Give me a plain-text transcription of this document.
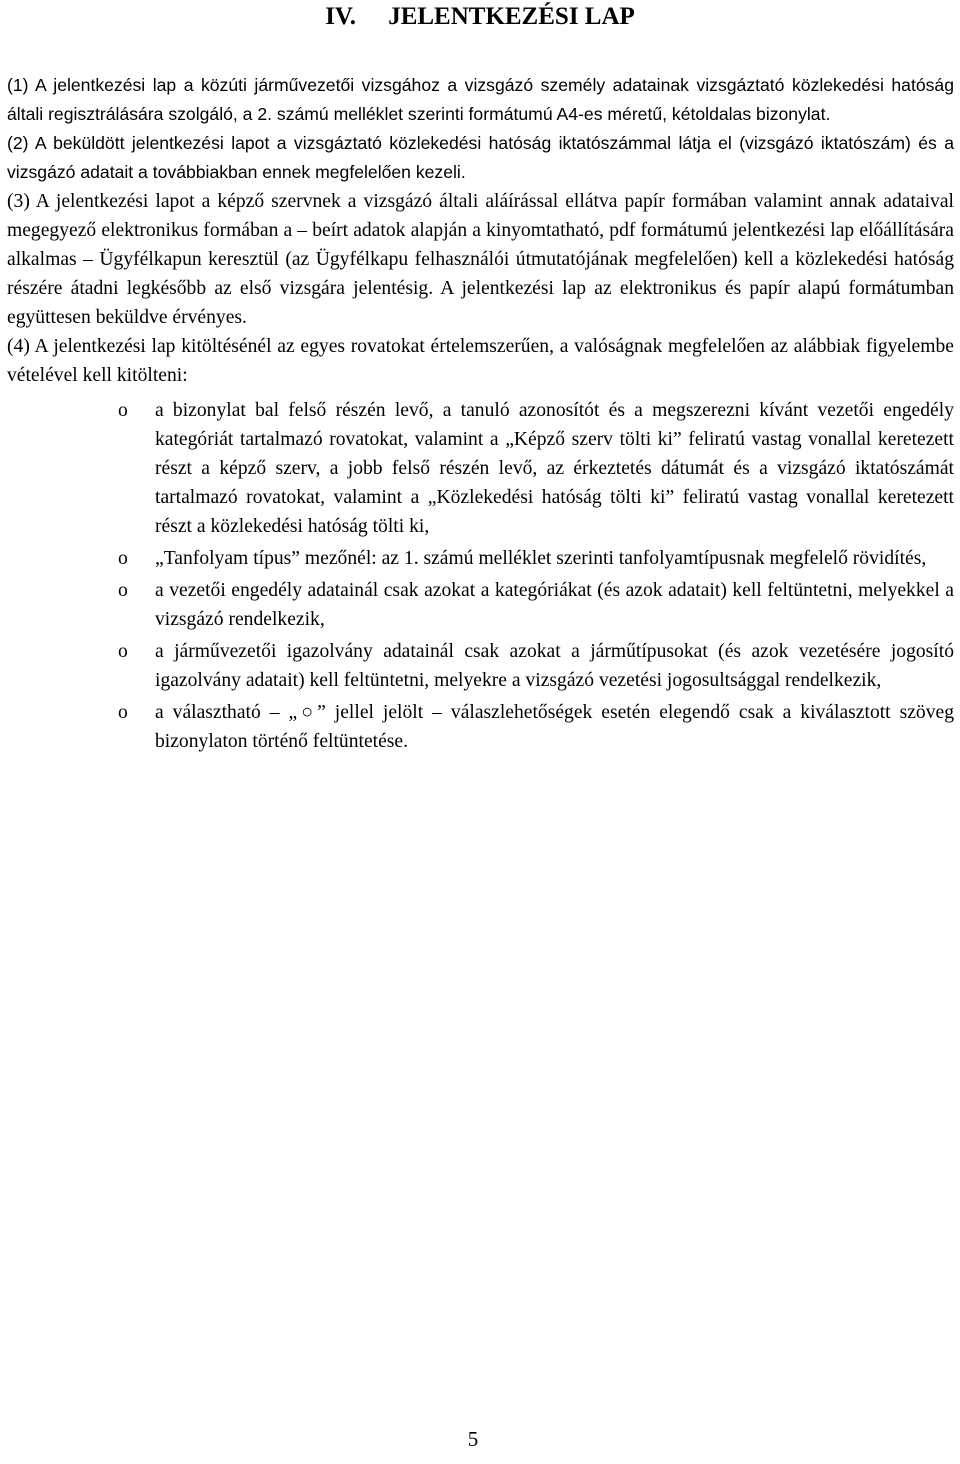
IV.	JELENTKEZÉSI LAP

(1) A jelentkezési lap a közúti járművezetői vizsgához a vizsgázó személy adatainak vizsgáztató közlekedési hatóság általi regisztrálására szolgáló, a 2. számú melléklet szerinti formátumú A4-es méretű, kétoldalas bizonylat.

(2) A beküldött jelentkezési lapot a vizsgáztató közlekedési hatóság iktatószámmal látja el (vizsgázó iktatószám) és a vizsgázó adatait a továbbiakban ennek megfelelően kezeli.

(3) A jelentkezési lapot a képző szervnek a vizsgázó általi aláírással ellátva papír formában valamint annak adataival megegyező elektronikus formában a – beírt adatok alapján a kinyomtatható, pdf formátumú jelentkezési lap előállítására alkalmas – Ügyfélkapun keresztül (az Ügyfélkapu felhasználói útmutatójának megfelelően) kell a közlekedési hatóság részére átadni legkésőbb az első vizsgára jelentésig. A jelentkezési lap az elektronikus és papír alapú formátumban együttesen beküldve érvényes.

(4) A jelentkezési lap kitöltésénél az egyes rovatokat értelemszerűen, a valóságnak megfelelően az alábbiak figyelembe vételével kell kitölteni:

o a bizonylat bal felső részén levő, a tanuló azonosítót és a megszerezni kívánt vezetői engedély kategóriát tartalmazó rovatokat, valamint a „Képző szerv tölti ki” feliratú vastag vonallal keretezett részt a képző szerv, a jobb felső részén levő, az érkeztetés dátumát és a vizsgázó iktatószámát tartalmazó rovatokat, valamint a „Közlekedési hatóság tölti ki” feliratú vastag vonallal keretezett részt a közlekedési hatóság tölti ki,
o „Tanfolyam típus” mezőnél: az 1. számú melléklet szerinti tanfolyamtípusnak megfelelő rövidítés,
o a vezetői engedély adatainál csak azokat a kategóriákat (és azok adatait) kell feltüntetni, melyekkel a vizsgázó rendelkezik,
o a járművezetői igazolvány adatainál csak azokat a járműtípusokat (és azok vezetésére jogosító igazolvány adatait) kell feltüntetni, melyekre a vizsgázó vezetési jogosultsággal rendelkezik,
o a választható – „○” jellel jelölt – válaszlehetőségek esetén elegendő csak a kiválasztott szöveg bizonylaton történő feltüntetése.
5
